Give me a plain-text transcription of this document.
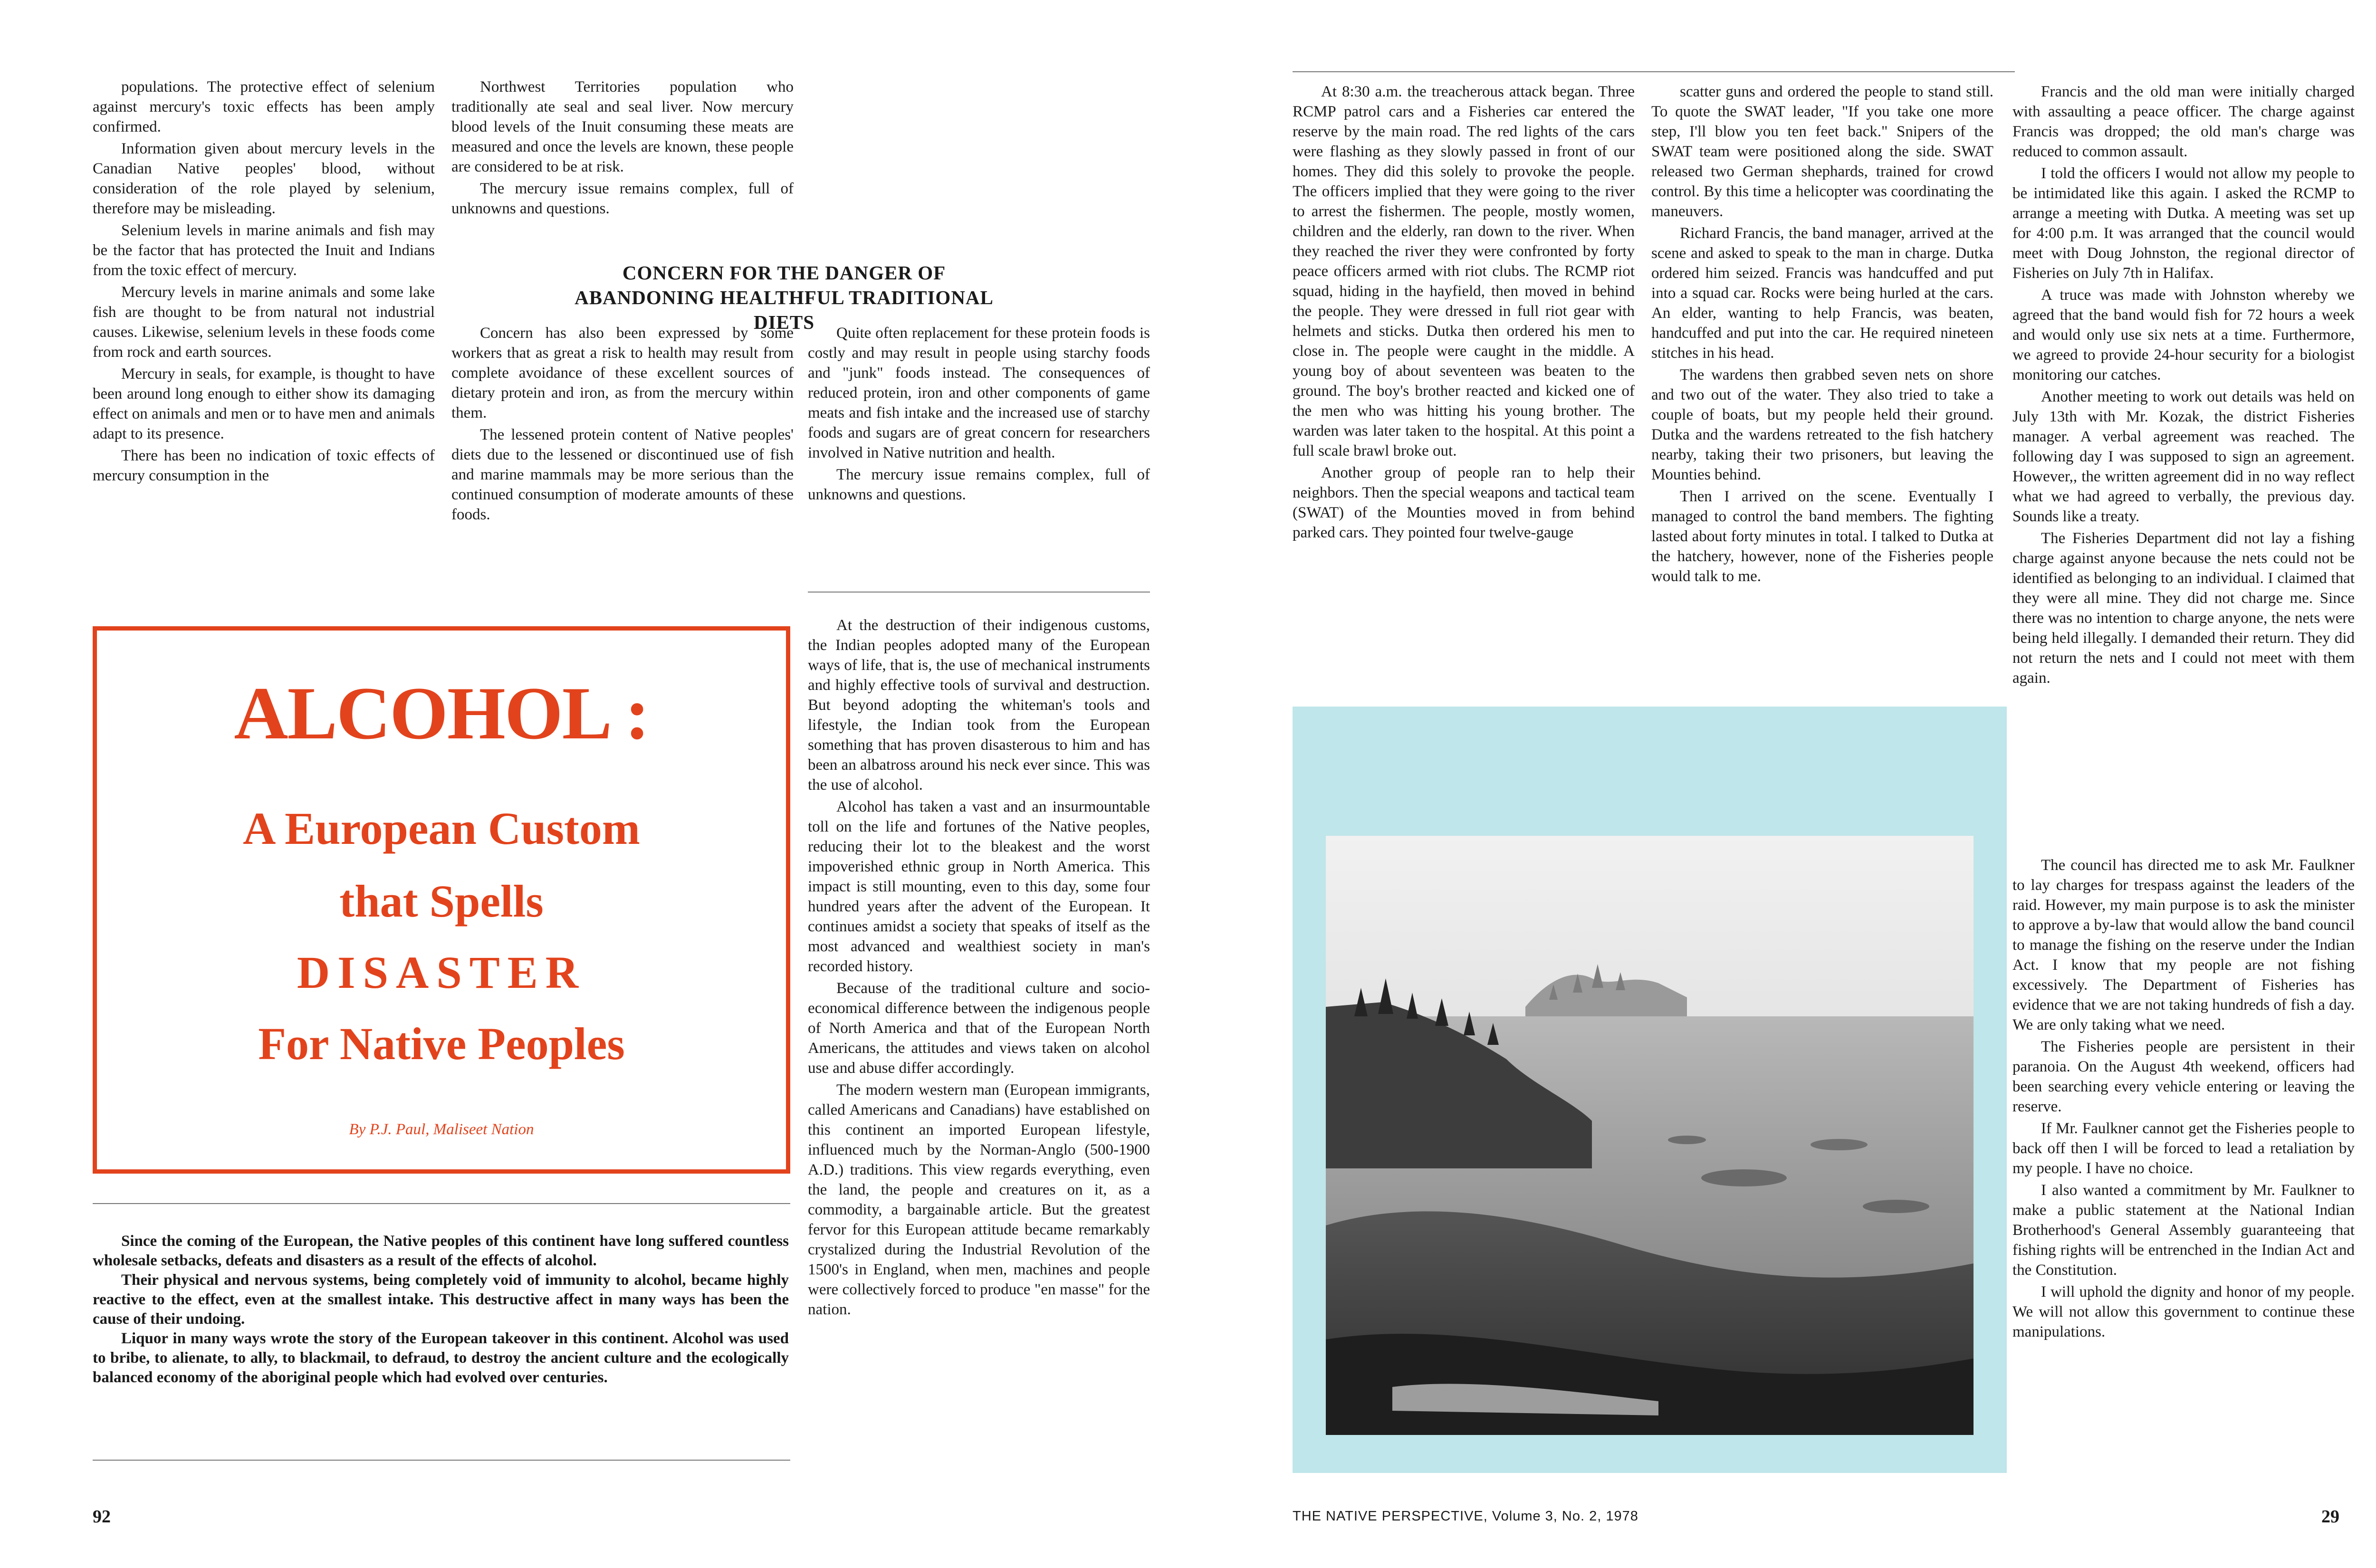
populations. The protective effect of selenium against mercury's toxic effects has been amply confirmed.

Information given about mercury levels in the Canadian Native peoples' blood, without consideration of the role played by selenium, therefore may be misleading.

Selenium levels in marine animals and fish may be the factor that has protected the Inuit and Indians from the toxic effect of mercury.

Mercury levels in marine animals and some lake fish are thought to be from natural not industrial causes. Likewise, selenium levels in these foods come from rock and earth sources.

Mercury in seals, for example, is thought to have been around long enough to either show its damaging effect on animals and men or to have men and animals adapt to its presence.

There has been no indication of toxic effects of mercury consumption in the

Northwest Territories population who traditionally ate seal and seal liver. Now mercury blood levels of the Inuit consuming these meats are measured and once the levels are known, these people are considered to be at risk.

The mercury issue remains complex, full of unknowns and questions.

CONCERN FOR THE DANGER OF ABANDONING HEALTHFUL TRADITIONAL DIETS

Concern has also been expressed by some workers that as great a risk to health may result from complete avoidance of these excellent sources of dietary protein and iron, as from the mercury within them.

The lessened protein content of Native peoples' diets due to the lessened or discontinued use of fish and marine mammals may be more serious than the continued consumption of moderate amounts of these foods.

Quite often replacement for these protein foods is costly and may result in people using starchy foods and "junk" foods instead. The consequences of reduced protein, iron and other components of game meats and fish intake and the increased use of starchy foods and sugars are of great concern for researchers involved in Native nutrition and health.

The mercury issue remains complex, full of unknowns and questions.

ALCOHOL :
A European Custom
that Spells
DISASTER
For Native Peoples
By P.J. Paul, Maliseet Nation

Since the coming of the European, the Native peoples of this continent have long suffered countless wholesale setbacks, defeats and disasters as a result of the effects of alcohol.

Their physical and nervous systems, being completely void of immunity to alcohol, became highly reactive to the effect, even at the smallest intake. This destructive affect in many ways has been the cause of their undoing.

Liquor in many ways wrote the story of the European takeover in this continent. Alcohol was used to bribe, to alienate, to ally, to blackmail, to defraud, to destroy the ancient culture and the ecologically balanced economy of the aboriginal people which had evolved over centuries.

At the destruction of their indigenous customs, the Indian peoples adopted many of the European ways of life, that is, the use of mechanical instruments and highly effective tools of survival and destruction. But beyond adopting the whiteman's tools and lifestyle, the Indian took from the European something that has proven disasterous to him and has been an albatross around his neck ever since. This was the use of alcohol.

Alcohol has taken a vast and an insurmountable toll on the life and fortunes of the Native peoples, reducing their lot to the bleakest and the worst impoverished ethnic group in North America. This impact is still mounting, even to this day, some four hundred years after the advent of the European. It continues amidst a society that speaks of itself as the most advanced and wealthiest society in man's recorded history.

Because of the traditional culture and socio-economical difference between the indigenous people of North America and that of the European North Americans, the attitudes and views taken on alcohol use and abuse differ accordingly.

The modern western man (European immigrants, called Americans and Canadians) have established on this continent an imported European lifestyle, influenced much by the Norman-Anglo (500-1900 A.D.) traditions. This view regards everything, even the land, the people and creatures on it, as a commodity, a bargainable article. But the greatest fervor for this European attitude became remarkably crystalized during the Industrial Revolution of the 1500's in England, when men, machines and people were collectively forced to produce "en masse" for the nation.

92

At 8:30 a.m. the treacherous attack began. Three RCMP patrol cars and a Fisheries car entered the reserve by the main road. The red lights of the cars were flashing as they slowly passed in front of our homes. They did this solely to provoke the people. The officers implied that they were going to the river to arrest the fishermen. The people, mostly women, children and the elderly, ran down to the river. When they reached the river they were confronted by forty peace officers armed with riot clubs. The RCMP riot squad, hiding in the hayfield, then moved in behind the people. They were dressed in full riot gear with helmets and sticks. Dutka then ordered his men to close in. The people were caught in the middle. A young boy of about seventeen was beaten to the ground. The boy's brother reacted and kicked one of the men who was hitting his young brother. The warden was later taken to the hospital. At this point a full scale brawl broke out.

Another group of people ran to help their neighbors. Then the special weapons and tactical team (SWAT) of the Mounties moved in from behind parked cars. They pointed four twelve-gauge

scatter guns and ordered the people to stand still. To quote the SWAT leader, "If you take one more step, I'll blow you ten feet back." Snipers of the SWAT team were positioned along the side. SWAT released two German shephards, trained for crowd control. By this time a helicopter was coordinating the maneuvers.

Richard Francis, the band manager, arrived at the scene and asked to speak to the man in charge. Dutka ordered him seized. Francis was handcuffed and put into a squad car. Rocks were being hurled at the cars. An elder, wanting to help Francis, was beaten, handcuffed and put into the car. He required nineteen stitches in his head.

The wardens then grabbed seven nets on shore and two out of the water. They also tried to take a couple of boats, but my people held their ground. Dutka and the wardens retreated to the fish hatchery nearby, taking their two prisoners, but leaving the Mounties behind.

Then I arrived on the scene. Eventually I managed to control the band members. The fighting lasted about forty minutes in total. I talked to Dutka at the hatchery, however, none of the Fisheries people would talk to me.

Francis and the old man were initially charged with assaulting a peace officer. The charge against Francis was dropped; the old man's charge was reduced to common assault.

I told the officers I would not allow my people to be intimidated like this again. I asked the RCMP to arrange a meeting with Dutka. A meeting was set up for 4:00 p.m. It was arranged that the council would meet with Doug Johnston, the regional director of Fisheries on July 7th in Halifax.

A truce was made with Johnston whereby we agreed that the band would fish for 72 hours a week and would only use six nets at a time. Furthermore, we agreed to provide 24-hour security for a biologist monitoring our catches.

Another meeting to work out details was held on July 13th with Mr. Kozak, the district Fisheries manager. A verbal agreement was reached. The following day I was supposed to sign an agreement. However,, the written agreement did in no way reflect what we had agreed to verbally, the previous day. Sounds like a treaty.

The Fisheries Department did not lay a fishing charge against anyone because the nets could not be identified as belonging to an individual. I claimed that they were all mine. They did not charge me. Since there was no intention to charge anyone, the nets were being held illegally. I demanded their return. They did not return the nets and I could not meet with them again.

The council has directed me to ask Mr. Faulkner to lay charges for trespass against the leaders of the raid. However, my main purpose is to ask the minister to approve a by-law that would allow the band council to manage the fishing on the reserve under the Indian Act. I know that my people are not fishing excessively. The Department of Fisheries has evidence that we are not taking hundreds of fish a day. We are only taking what we need.

The Fisheries people are persistent in their paranoia. On the August 4th weekend, officers had been searching every vehicle entering or leaving the reserve.

If Mr. Faulkner cannot get the Fisheries people to back off then I will be forced to lead a retaliation by my people. I have no choice.

I also wanted a commitment by Mr. Faulkner to make a public statement at the National Indian Brotherhood's General Assembly guaranteeing that fishing rights will be entrenched in the Indian Act and the Constitution.

I will uphold the dignity and honor of my people. We will not allow this government to continue these manipulations.

THE NATIVE PERSPECTIVE, Volume 3, No. 2, 1978	29
